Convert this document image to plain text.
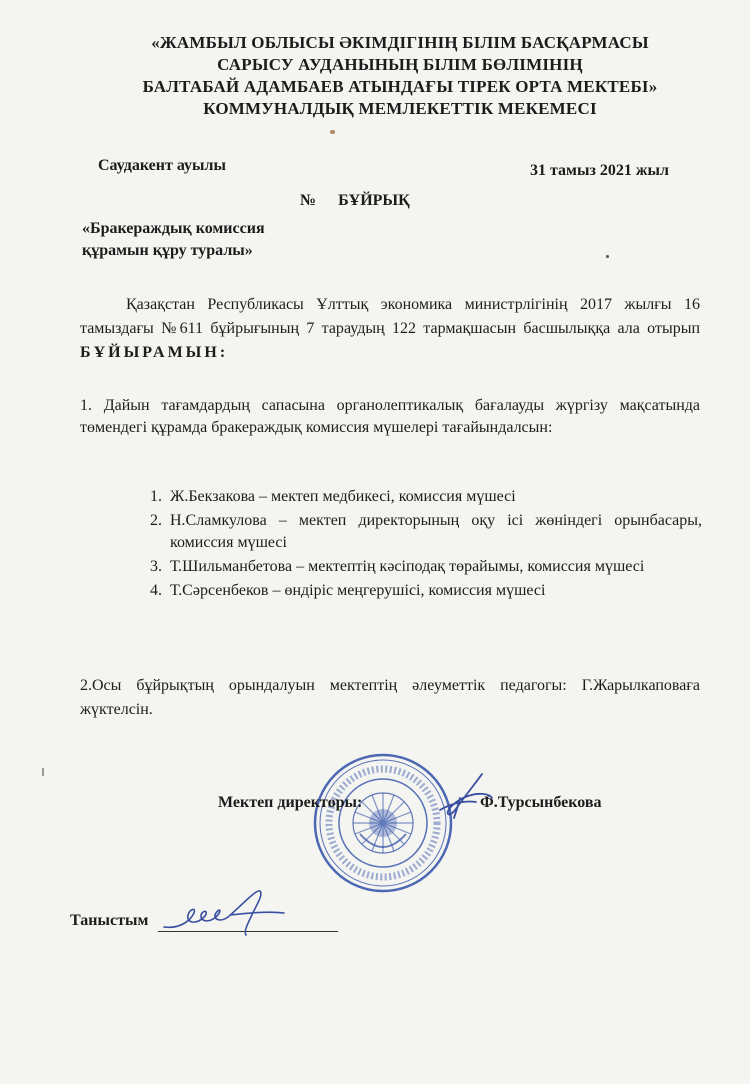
«ЖАМБЫЛ ОБЛЫСЫ ӘКІМДІГІНІҢ БІЛІМ БАСҚАРМАСЫ
САРЫСУ АУДАНЫНЫҢ БІЛІМ БӨЛІМІНІҢ
БАЛТАБАЙ АДАМБАЕВ АТЫНДАҒЫ ТІРЕК ОРТА МЕКТЕБІ»
КОММУНАЛДЫҚ МЕМЛЕКЕТТІК МЕКЕМЕСІ
Саудакент ауылы	31 тамыз 2021 жыл
№ БҰЙРЫҚ
«Бракераждық комиссия
құрамын құру туралы»
Қазақстан Республикасы Ұлттық экономика министрлігінің 2017 жылғы 16 тамыздағы №611 бұйрығының 7 тараудың 122 тармақшасын басшылыққа ала отырып БҰЙЫРАМЫН:
1. Дайын тағамдардың сапасына органолептикалық бағалауды жүргізу мақсатында төмендегі құрамда бракераждық комиссия мүшелері тағайындалсын:
1. Ж.Бекзакова – мектеп медбикесі, комиссия мүшесі
2. Н.Сламкулова – мектеп директорының оқу ісі жөніндегі орынбасары, комиссия мүшесі
3. Т.Шильманбетова – мектептің кәсіподақ төрайымы, комиссия мүшесі
4. Т.Сәрсенбеков – өндіріс меңгерушісі, комиссия мүшесі
2.Осы бұйрықтың орындалуын мектептің әлеуметтік педагогы: Г.Жарылкаповаға жүктелсін.
Мектеп директоры:	Ф.Турсынбекова
Таныстым
